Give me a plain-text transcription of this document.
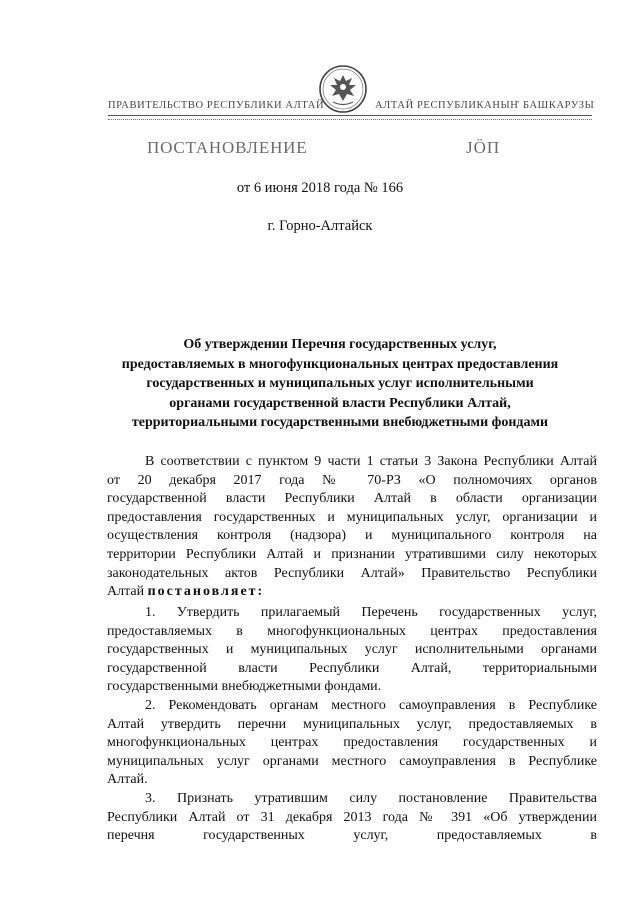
ПРАВИТЕЛЬСТВО РЕСПУБЛИКИ АЛТАЙ	АЛТАЙ РЕСПУБЛИКАНЫҤ БАШКАРУЗЫ
ПОСТАНОВЛЕНИЕ	ЈӦП
от 6 июня 2018 года № 166
г. Горно-Алтайск
Об утверждении Перечня государственных услуг,
предоставляемых в многофункциональных центрах предоставления
государственных и муниципальных услуг исполнительными
органами государственной власти Республики Алтай,
территориальными государственными внебюджетными фондами
В соответствии с пунктом 9 части 1 статьи 3 Закона Республики Алтай
от 20 декабря 2017 года № 70-РЗ «О полномочиях органов
государственной власти Республики Алтай в области организации
предоставления государственных и муниципальных услуг, организации и
осуществления контроля (надзора) и муниципального контроля на
территории Республики Алтай и признании утратившими силу некоторых
законодательных актов Республики Алтай» Правительство Республики
Алтай постановляет:
1. Утвердить прилагаемый Перечень государственных услуг,
предоставляемых в многофункциональных центрах предоставления
государственных и муниципальных услуг исполнительными органами
государственной власти Республики Алтай, территориальными
государственными внебюджетными фондами.
2. Рекомендовать органам местного самоуправления в Республике
Алтай утвердить перечни муниципальных услуг, предоставляемых в
многофункциональных центрах предоставления государственных и
муниципальных услуг органами местного самоуправления в Республике
Алтай.
3. Признать утратившим силу постановление Правительства
Республики Алтай от 31 декабря 2013 года № 391 «Об утверждении
перечня государственных услуг, предоставляемых в
